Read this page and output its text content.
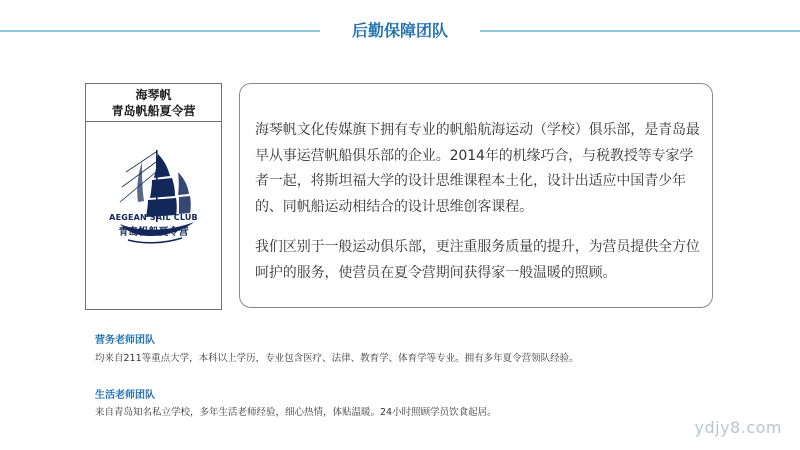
后勤保障团队
海琴帆
青岛帆船夏令营
AEGEAN SAIL CLUB
青岛帆船夏令营

海琴帆文化传媒旗下拥有专业的帆船航海运动（学校）俱乐部，是青岛最早从事运营帆船俱乐部的企业。2014年的机缘巧合，与税教授等专家学者一起，将斯坦福大学的设计思维课程本土化，设计出适应中国青少年的、同帆船运动相结合的设计思维创客课程。

我们区别于一般运动俱乐部，更注重服务质量的提升，为营员提供全方位呵护的服务，使营员在夏令营期间获得家一般温暖的照顾。

营务老师团队
均来自211等重点大学，本科以上学历，专业包含医疗、法律、教育学、体育学等专业。拥有多年夏令营领队经验。
生活老师团队
来自青岛知名私立学校，多年生活老师经验，细心热情，体贴温暖。24小时照顾学员饮食起居。
ydjy8.com
